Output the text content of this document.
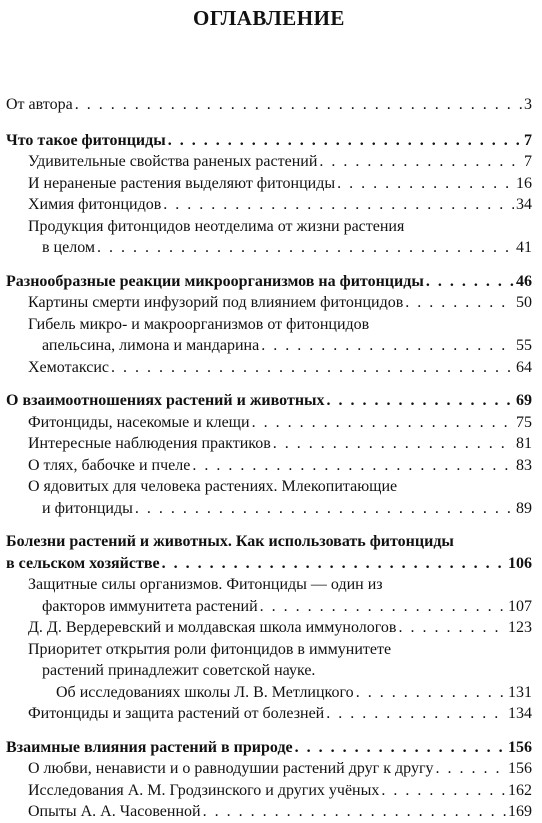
ОГЛАВЛЕНИЕ
От автора . . .	3
Что такое фитонциды . . .	7
Удивительные свойства раненых растений . . .	7
И нераненые растения выделяют фитонциды . . .	16
Химия фитонцидов . . .	34
Продукция фитонцидов неотделима от жизни растения
в целом . . .	41
Разнообразные реакции микроорганизмов на фитонциды . . .	46
Картины смерти инфузорий под влиянием фитонцидов . . .	50
Гибель микро- и макроорганизмов от фитонцидов
апельсина, лимона и мандарина . . .	55
Хемотаксис . . .	64
О взаимоотношениях растений и животных . . .	69
Фитонциды, насекомые и клещи . . .	75
Интересные наблюдения практиков . . .	81
О тлях, бабочке и пчеле . . .	83
О ядовитых для человека растениях. Млекопитающие
и фитонциды . . .	89
Болезни растений и животных. Как использовать фитонциды
в сельском хозяйстве . . .	106
Защитные силы организмов. Фитонциды — один из
факторов иммунитета растений . . .	107
Д. Д. Вердеревский и молдавская школа иммунологов . . .	123
Приоритет открытия роли фитонцидов в иммунитете
растений принадлежит советской науке.
Об исследованиях школы Л. В. Метлицкого . . .	131
Фитонциды и защита растений от болезней . . .	134
Взаимные влияния растений в природе . . .	156
О любви, ненависти и о равнодушии растений друг к другу . . .	156
Исследования А. М. Гродзинского и других учёных . . .	162
Опыты А. А. Часовенной . . .	169
